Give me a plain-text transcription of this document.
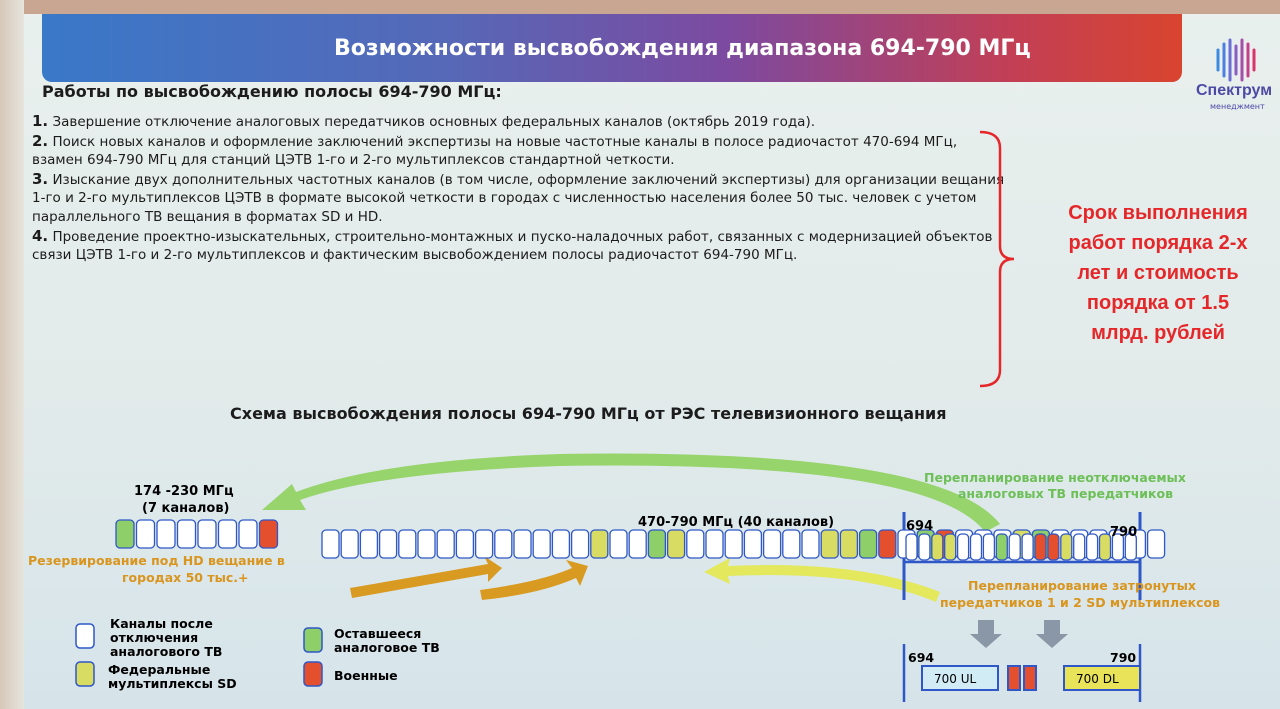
Возможности высвобождения диапазона 694-790 МГц
Спектрум
менеджмент
Работы по высвобождению полосы 694-790 МГц:

1. Завершение отключение аналоговых передатчиков основных федеральных каналов (октябрь 2019 года).

2. Поиск новых каналов и оформление заключений экспертизы на новые частотные каналы в полосе радиочастот 470-694 МГц, взамен 694-790 МГц для станций ЦЭТВ 1-го и 2-го мультиплексов стандартной четкости.

3. Изыскание двух дополнительных частотных каналов (в том числе, оформление заключений экспертизы) для организации вещания 1-го и 2-го мультиплексов ЦЭТВ в формате высокой четкости в городах с численностью населения более 50 тыс. человек с учетом параллельного ТВ вещания в форматах SD и HD.

4. Проведение проектно-изыскательных, строительно-монтажных и пуско-наладочных работ, связанных с модернизацией объектов связи ЦЭТВ 1-го и 2-го мультиплексов и фактическим высвобождением полосы радиочастот 694-790 МГц.

Срок выполнения
работ порядка 2-х
лет и стоимость
порядка от 1.5
млрд. рублей
Схема высвобождения полосы 694-790 МГц от РЭС телевизионного вещания
174 -230 МГц
(7 каналов)
470-790 МГц (40 каналов)	694	790
Перепланирование неотключаемых
аналоговых ТВ передатчиков
Резервирование под HD вещание в
городах 50 тыс.+
Перепланирование затронутых
передатчиков 1 и 2 SD мультиплексов
694	790
700 UL	700 DL
Каналы после
отключения
аналогового ТВ
Оставшееся
аналоговое ТВ
Федеральные
мультиплексы SD
Военные
